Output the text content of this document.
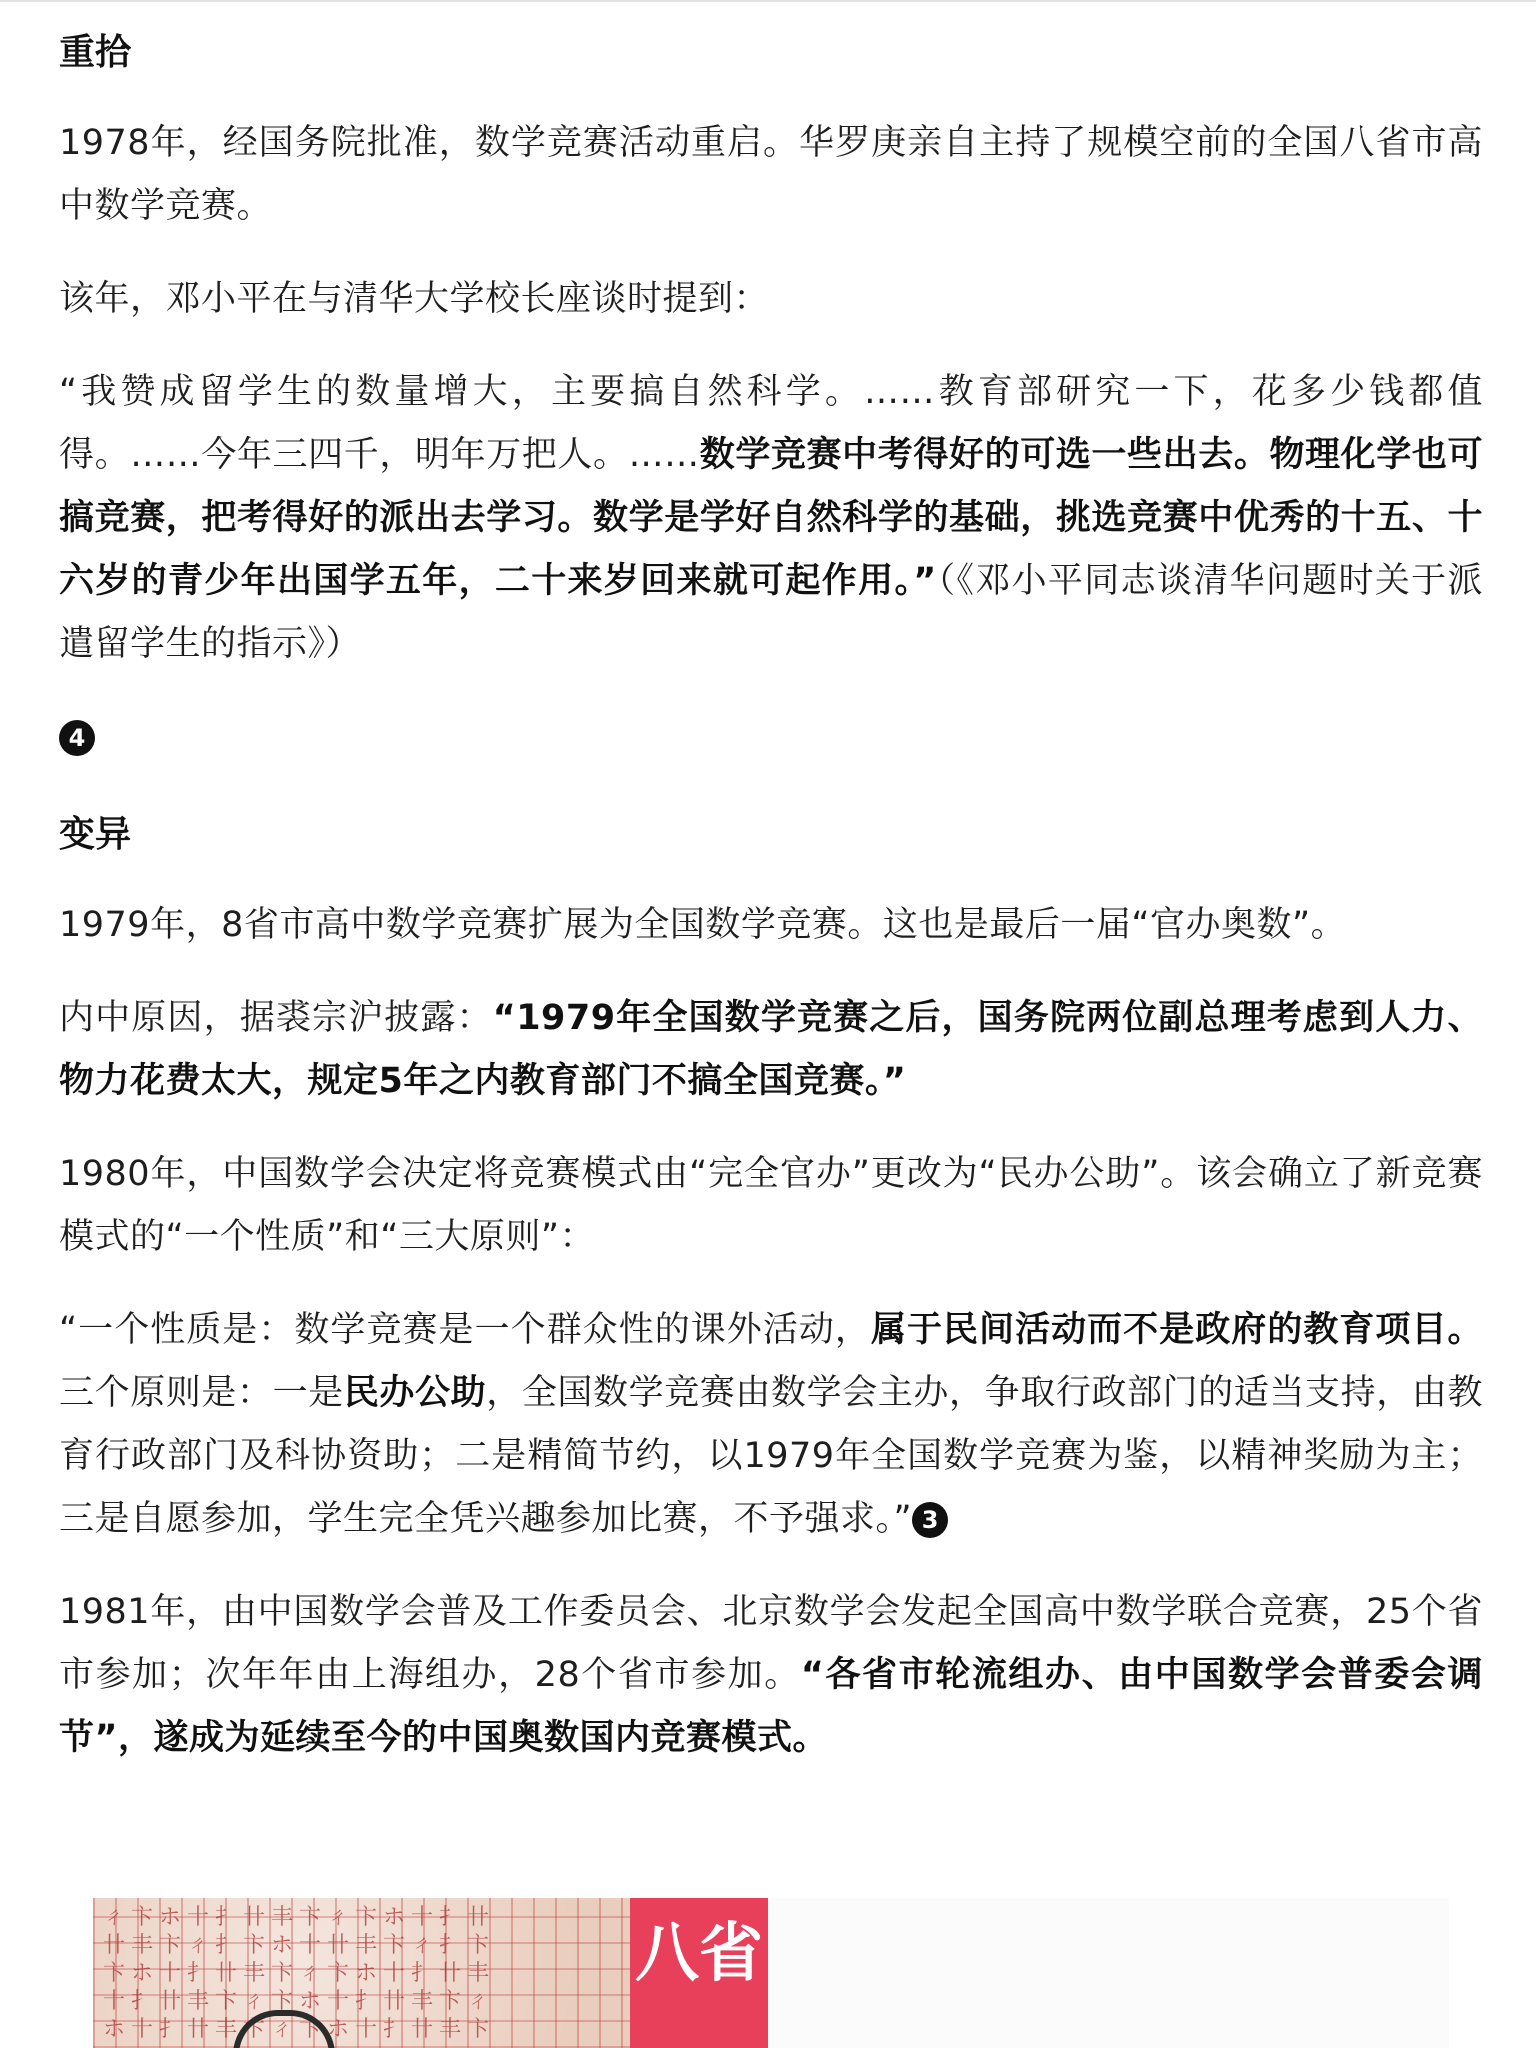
重拾

1978年，经国务院批准，数学竞赛活动重启。华罗庚亲自主持了规模空前的全国八省市高中数学竞赛。

该年，邓小平在与清华大学校长座谈时提到：

“我赞成留学生的数量增大，主要搞自然科学。……教育部研究一下，花多少钱都值得。……今年三四千，明年万把人。……数学竞赛中考得好的可选一些出去。物理化学也可搞竞赛，把考得好的派出去学习。数学是学好自然科学的基础，挑选竞赛中优秀的十五、十六岁的青少年出国学五年，二十来岁回来就可起作用。”（《邓小平同志谈清华问题时关于派遣留学生的指示》）

4
变异

1979年，8省市高中数学竞赛扩展为全国数学竞赛。这也是最后一届“官办奥数”。

内中原因，据裘宗沪披露：“1979年全国数学竞赛之后，国务院两位副总理考虑到人力、物力花费太大，规定5年之内教育部门不搞全国竞赛。”

1980年，中国数学会决定将竞赛模式由“完全官办”更改为“民办公助”。该会确立了新竞赛模式的“一个性质”和“三大原则”：

“一个性质是：数学竞赛是一个群众性的课外活动，属于民间活动而不是政府的教育项目。三个原则是：一是民办公助，全国数学竞赛由数学会主办，争取行政部门的适当支持，由教育行政部门及科协资助；二是精简节约，以1979年全国数学竞赛为鉴，以精神奖励为主；三是自愿参加，学生完全凭兴趣参加比赛，不予强求。” 3

1981年，由中国数学会普及工作委员会、北京数学会发起全国高中数学联合竞赛，25个省市参加；次年年由上海组办，28个省市参加。“各省市轮流组办、由中国数学会普委会调节”，遂成为延续至今的中国奥数国内竞赛模式。

ㄔ卞ホ十扌卄丰卞ㄔ卞ホ十扌卄
卄丰卞ㄔ扌卞ホ十卄丰卞ㄔ扌卞
卞ホ十扌卄丰卞ㄔ卞ホ十扌卄丰
十扌卄丰卞ㄔ卞ホ十扌卄丰卞ㄔ
ホ十扌卄丰卞ㄔ卞ホ十扌卄丰卞
八省
